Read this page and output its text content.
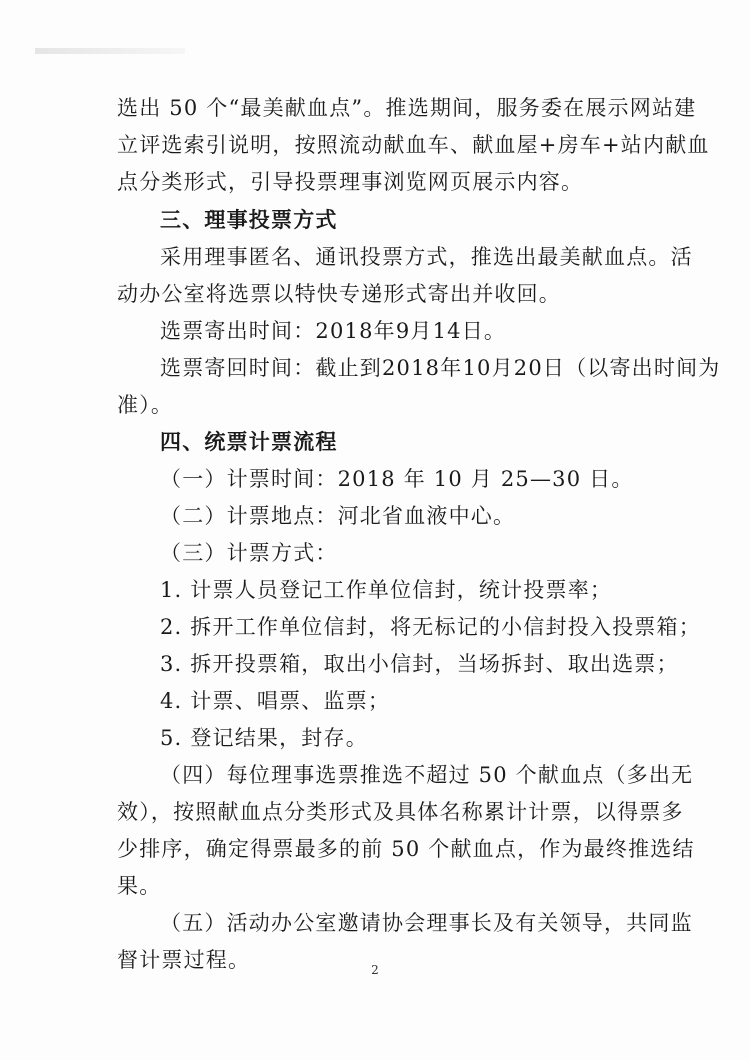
选出 50 个“最美献血点”。推选期间，服务委在展示网站建
立评选索引说明，按照流动献血车、献血屋+房车+站内献血
点分类形式，引导投票理事浏览网页展示内容。
三、理事投票方式
采用理事匿名、通讯投票方式，推选出最美献血点。活
动办公室将选票以特快专递形式寄出并收回。
选票寄出时间：2018年9月14日。
选票寄回时间：截止到2018年10月20日（以寄出时间为
准）。
四、统票计票流程
（一）计票时间：2018 年 10 月 25—30 日。
（二）计票地点：河北省血液中心。
（三）计票方式：
1. 计票人员登记工作单位信封，统计投票率；
2. 拆开工作单位信封，将无标记的小信封投入投票箱；
3. 拆开投票箱，取出小信封，当场拆封、取出选票；
4. 计票、唱票、监票；
5. 登记结果，封存。
（四）每位理事选票推选不超过 50 个献血点（多出无
效），按照献血点分类形式及具体名称累计计票，以得票多
少排序，确定得票最多的前 50 个献血点，作为最终推选结
果。
（五）活动办公室邀请协会理事长及有关领导，共同监
督计票过程。	2
